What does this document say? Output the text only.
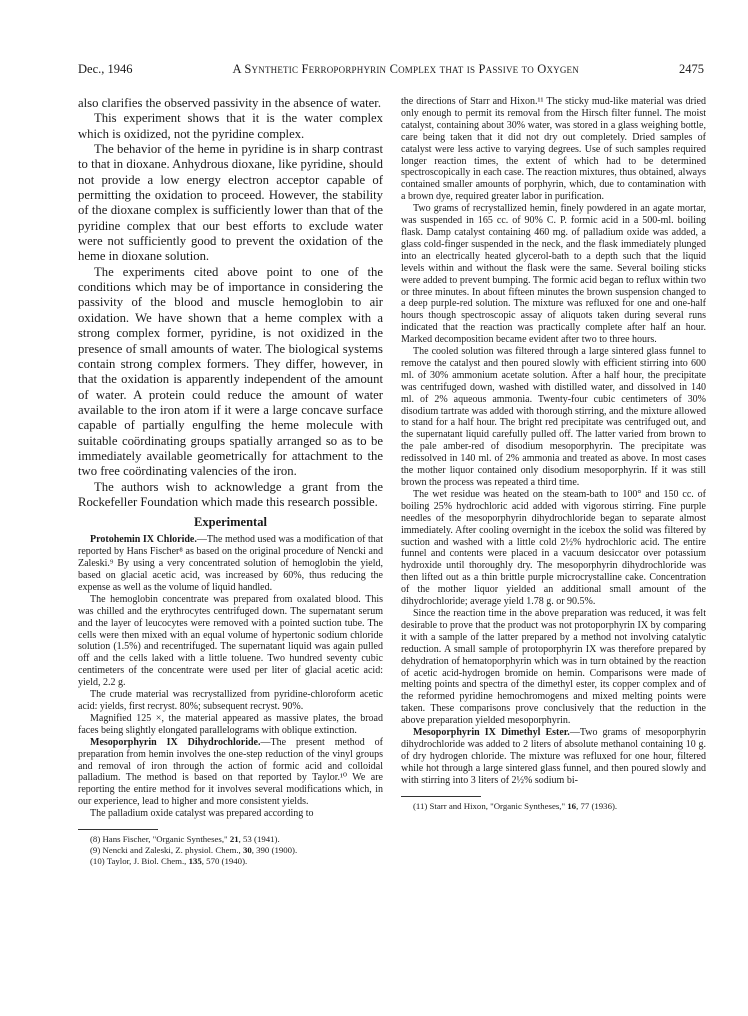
Dec., 1946	A Synthetic Ferroporphyrin Complex that is Passive to Oxygen	2475

also clarifies the observed passivity in the absence of water.

This experiment shows that it is the water complex which is oxidized, not the pyridine complex.

The behavior of the heme in pyridine is in sharp contrast to that in dioxane. Anhydrous dioxane, like pyridine, should not provide a low energy electron acceptor capable of permitting the oxidation to proceed. However, the stability of the dioxane complex is sufficiently lower than that of the pyridine complex that our best efforts to exclude water were not sufficiently good to prevent the oxidation of the heme in dioxane solution.

The experiments cited above point to one of the conditions which may be of importance in considering the passivity of the blood and muscle hemoglobin to air oxidation. We have shown that a heme complex with a strong complex former, pyridine, is not oxidized in the presence of small amounts of water. The biological systems contain strong complex formers. They differ, however, in that the oxidation is apparently independent of the amount of water. A protein could reduce the amount of water available to the iron atom if it were a large concave surface capable of partially engulfing the heme molecule with suitable coördinating groups spatially arranged so as to be immediately available geometrically for attachment to the two free coördinating valencies of the iron.

The authors wish to acknowledge a grant from the Rockefeller Foundation which made this research possible.

Experimental

Protohemin IX Chloride.—The method used was a modification of that reported by Hans Fischer⁸ as based on the original procedure of Nencki and Zaleski.⁹ By using a very concentrated solution of hemoglobin the yield, based on glacial acetic acid, was increased by 60%, thus reducing the expense as well as the volume of liquid handled.

The hemoglobin concentrate was prepared from oxalated blood. This was chilled and the erythrocytes centrifuged down. The supernatant serum and the layer of leucocytes were removed with a pointed suction tube. The cells were then mixed with an equal volume of hypertonic sodium chloride solution (1.5%) and recentrifuged. The supernatant liquid was again pulled off and the cells laked with a little toluene. Two hundred seventy cubic centimeters of the concentrate were used per liter of glacial acetic acid: yield, 2.2 g.

The crude material was recrystallized from pyridine-chloroform acetic acid: yields, first recryst. 80%; subsequent recryst. 90%.

Magnified 125 ×, the material appeared as massive plates, the broad faces being slightly elongated parallelograms with oblique extinction.

Mesoporphyrin IX Dihydrochloride.—The present method of preparation from hemin involves the one-step reduction of the vinyl groups and removal of iron through the action of formic acid and colloidal palladium. The method is based on that reported by Taylor.¹⁰ We are reporting the entire method for it involves several modifications which, in our experience, lead to higher and more consistent yields.

The palladium oxide catalyst was prepared according to

(8) Hans Fischer, "Organic Syntheses," 21, 53 (1941).

(9) Nencki and Zaleski, Z. physiol. Chem., 30, 390 (1900).

(10) Taylor, J. Biol. Chem., 135, 570 (1940).

the directions of Starr and Hixon.¹¹ The sticky mud-like material was dried only enough to permit its removal from the Hirsch filter funnel. The moist catalyst, containing about 30% water, was stored in a glass weighing bottle, care being taken that it did not dry out completely. Dried samples of catalyst were less active to varying degrees. Use of such samples required longer reaction times, the extent of which had to be determined spectroscopically in each case. The reaction mixtures, thus obtained, always contained smaller amounts of porphyrin, which, due to contamination with a brown dye, required greater labor in purification.

Two grams of recrystallized hemin, finely powdered in an agate mortar, was suspended in 165 cc. of 90% C. P. formic acid in a 500-ml. boiling flask. Damp catalyst containing 460 mg. of palladium oxide was added, a glass cold-finger suspended in the neck, and the flask immediately plunged into an electrically heated glycerol-bath to a depth such that the liquid levels within and without the flask were the same. Several boiling sticks were added to prevent bumping. The formic acid began to reflux within two or three minutes. In about fifteen minutes the brown suspension changed to a deep purple-red solution. The mixture was refluxed for one and one-half hours though spectroscopic assay of aliquots taken during several runs indicated that the reaction was practically complete after half an hour. Marked decomposition became evident after two to three hours.

The cooled solution was filtered through a large sintered glass funnel to remove the catalyst and then poured slowly with efficient stirring into 600 ml. of 30% ammonium acetate solution. After a half hour, the precipitate was centrifuged down, washed with distilled water, and dissolved in 140 ml. of 2% aqueous ammonia. Twenty-four cubic centimeters of 30% disodium tartrate was added with thorough stirring, and the mixture allowed to stand for a half hour. The bright red precipitate was centrifuged out, and the supernatant liquid carefully pulled off. The latter varied from brown to the pale amber-red of disodium mesoporphyrin. The precipitate was redissolved in 140 ml. of 2% ammonia and treated as above. In most cases the mother liquor contained only disodium mesoporphyrin. If it was still brown the process was repeated a third time.

The wet residue was heated on the steam-bath to 100° and 150 cc. of boiling 25% hydrochloric acid added with vigorous stirring. Fine purple needles of the mesoporphyrin dihydrochloride began to separate almost immediately. After cooling overnight in the icebox the solid was filtered by suction and washed with a little cold 2½% hydrochloric acid. The entire funnel and contents were placed in a vacuum desiccator over potassium hydroxide until thoroughly dry. The mesoporphyrin dihydrochloride was then lifted out as a thin brittle purple microcrystalline cake. Concentration of the mother liquor yielded an additional small amount of the dihydrochloride; average yield 1.78 g. or 90.5%.

Since the reaction time in the above preparation was reduced, it was felt desirable to prove that the product was not protoporphyrin IX by comparing it with a sample of the latter prepared by a method not involving catalytic reduction. A small sample of protoporphyrin IX was therefore prepared by dehydration of hematoporphyrin which was in turn obtained by the reaction of acetic acid-hydrogen bromide on hemin. Comparisons were made of melting points and spectra of the dimethyl ester, its copper complex and of the reformed pyridine hemochromogens and mixed melting points were taken. These comparisons prove conclusively that the reduction in the above preparation yielded mesoporphyrin.

Mesoporphyrin IX Dimethyl Ester.—Two grams of mesoporphyrin dihydrochloride was added to 2 liters of absolute methanol containing 10 g. of dry hydrogen chloride. The mixture was refluxed for one hour, filtered while hot through a large sintered glass funnel, and then poured slowly and with stirring into 3 liters of 2½% sodium bi-

(11) Starr and Hixon, "Organic Syntheses," 16, 77 (1936).
